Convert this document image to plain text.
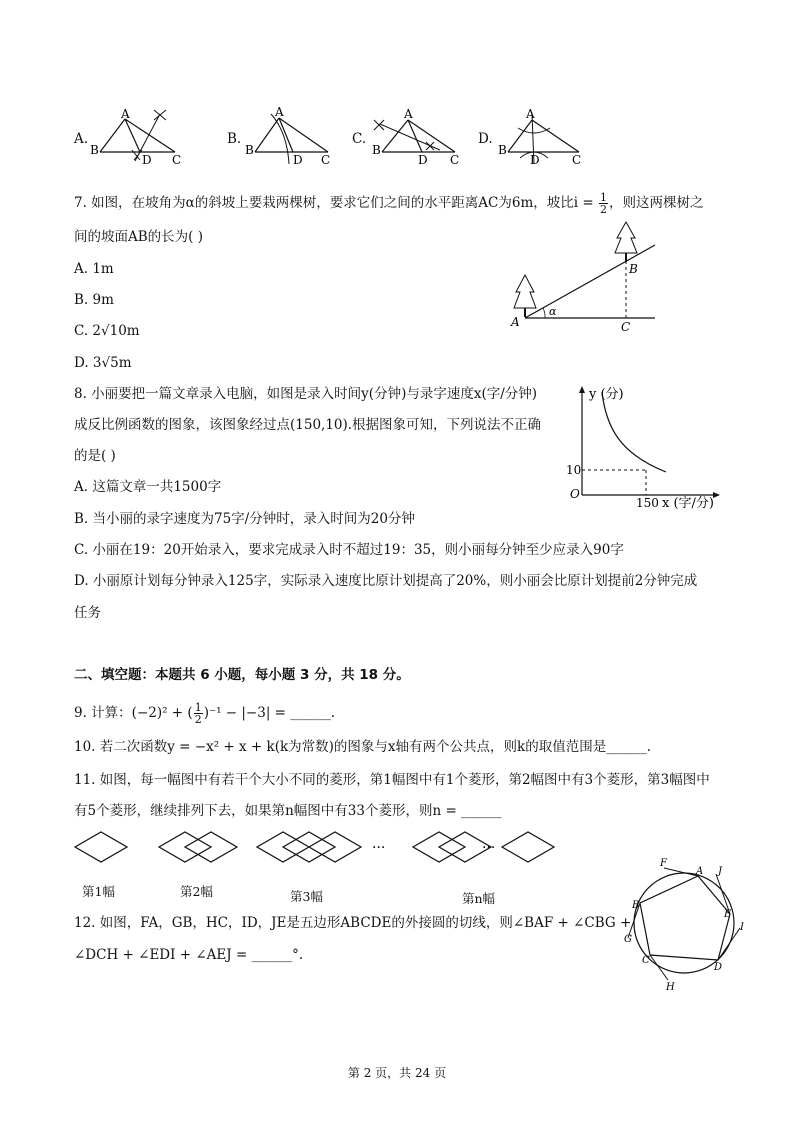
A.
A
B
D C
B.
A
B
D C
C.
A
B
D C
D.
A
B
D	C
7. 如图，在坡角为α的斜坡上要栽两棵树，要求它们之间的水平距离AC为6m，坡比$i = \frac{1}{2}$ ，则这两棵树之
间的坡面AB的长为( )
A. 1m
B. 9m
C. 2√10m
D. 3√5m
A
B
C
α
8. 小丽要把一篇文章录入电脑，如图是录入时间y(分钟)与录字速度x(字/分钟)
成反比例函数的图象，该图象经过点(150,10).根据图象可知，下列说法不正确
的是( )
A. 这篇文章一共1500字
B. 当小丽的录字速度为75字/分钟时，录入时间为20分钟
C. 小丽在19：20开始录入，要求完成录入时不超过19：35，则小丽每分钟至少应录入90字
D. 小丽原计划每分钟录入125字，实际录入速度比原计划提高了20%，则小丽会比原计划提前2分钟完成
任务
y (分)
x (字/分)
O
10
150
二、填空题：本题共 6 小题，每小题 3 分，共 18 分。
9. 计算：(−2)² + ( $\frac{1}{2} )^{-1} - |-3|$ = ______.
10. 若二次函数y = −x² + x + k(k为常数)的图象与x轴有两个公共点，则k的取值范围是______.
11. 如图，每一幅图中有若干个大小不同的菱形，第1幅图中有1个菱形，第2幅图中有3个菱形，第3幅图中
有5个菱形，继续排列下去，如果第n幅图中有33个菱形，则n = ______
···	···
第1幅	第2幅	第3幅	第n幅
12. 如图，FA，GB，HC，ID，JE是五边形ABCDE的外接圆的切线，则∠BAF + ∠CBG +
∠DCH + ∠EDI + ∠AEJ = ______°.
F
A J
B
E
I
G
C
D
H
第 2 页，共 24 页
